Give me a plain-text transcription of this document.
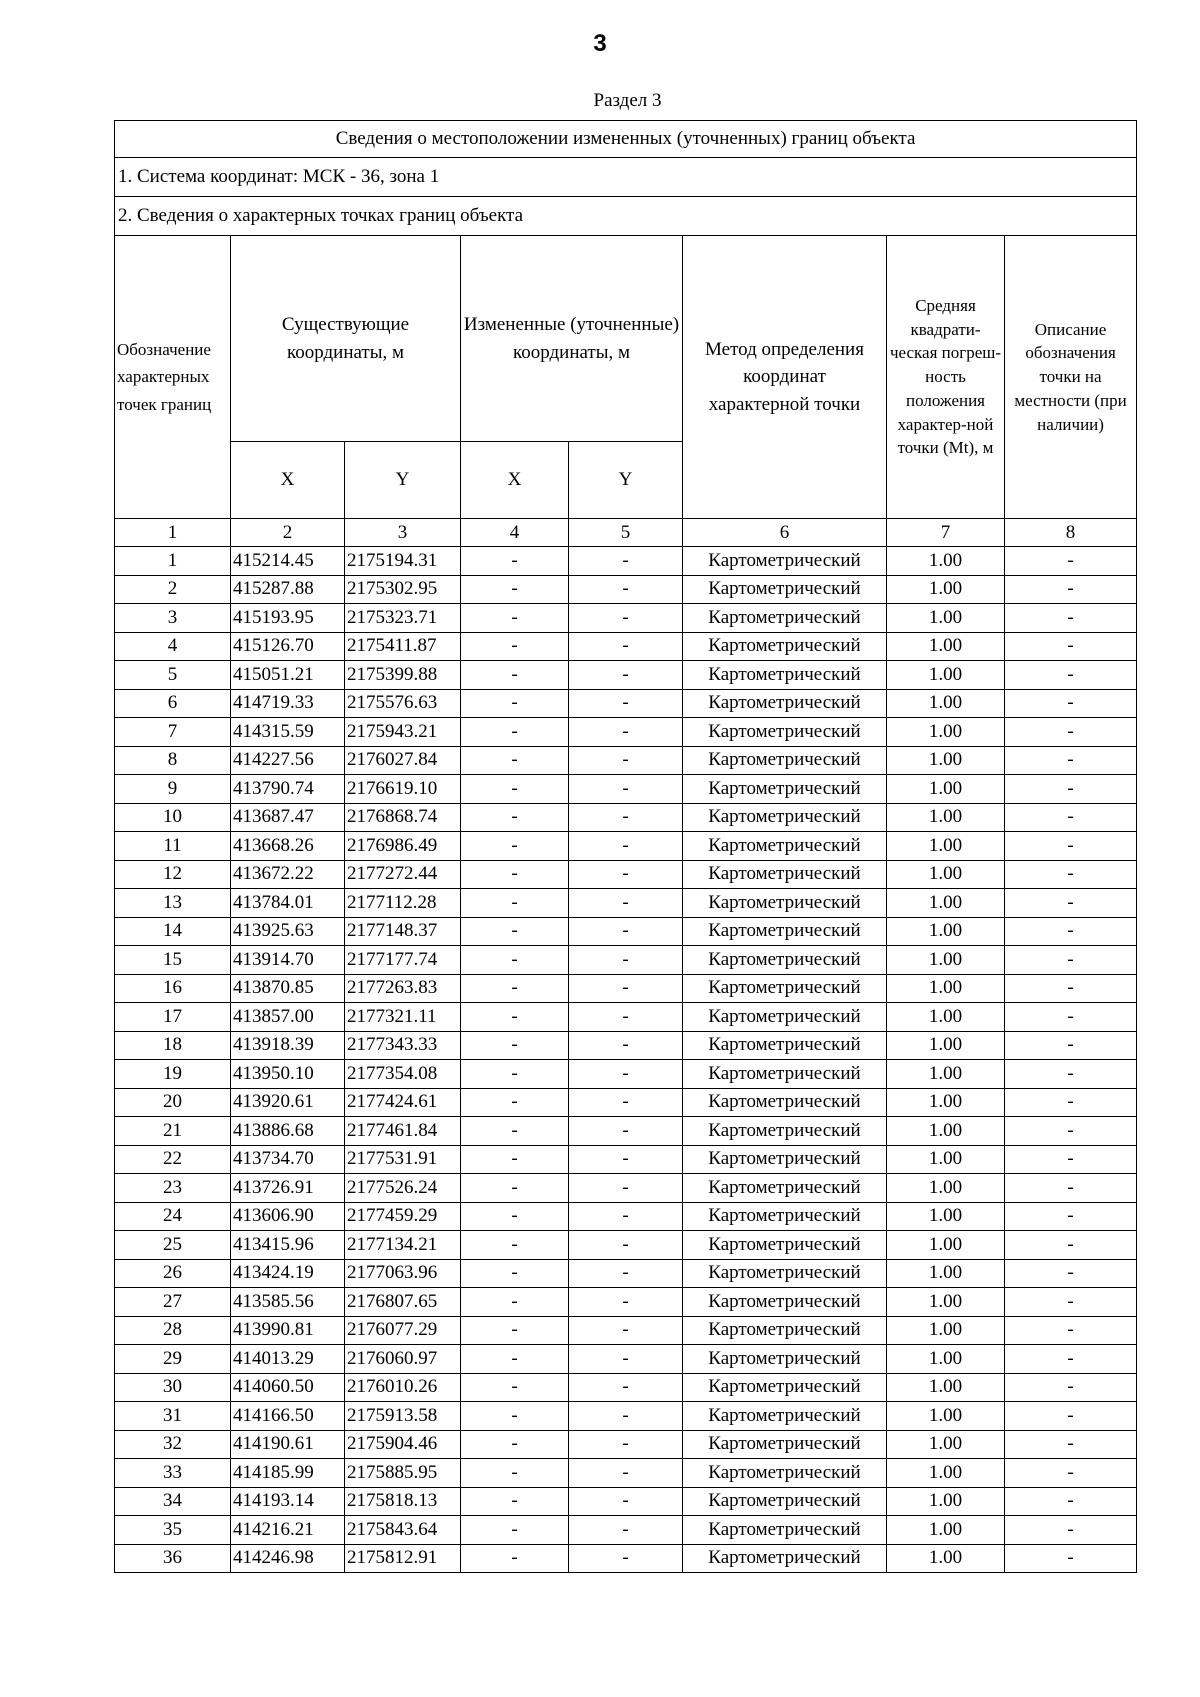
3
Раздел 3
Сведения о местоположении измененных (уточненных) границ объекта							
1. Система координат: МСК - 36, зона 1							
2. Сведения о характерных точках границ объекта							
Обозначение характерных точек границ	Существующие координаты, м		Измененные (уточненные) координаты, м		Метод определения координат характерной точки	Средняя квадрати-ческая погреш-ность положения характер-ной точки (Mt), м	Описание обозначения точки на местности (при наличии)
	X	Y	X	Y			
1	2	3	4	5	6	7	8
1	415214.45	2175194.31	-	-	Картометрический	1.00	-
2	415287.88	2175302.95	-	-	Картометрический	1.00	-
3	415193.95	2175323.71	-	-	Картометрический	1.00	-
4	415126.70	2175411.87	-	-	Картометрический	1.00	-
5	415051.21	2175399.88	-	-	Картометрический	1.00	-
6	414719.33	2175576.63	-	-	Картометрический	1.00	-
7	414315.59	2175943.21	-	-	Картометрический	1.00	-
8	414227.56	2176027.84	-	-	Картометрический	1.00	-
9	413790.74	2176619.10	-	-	Картометрический	1.00	-
10	413687.47	2176868.74	-	-	Картометрический	1.00	-
11	413668.26	2176986.49	-	-	Картометрический	1.00	-
12	413672.22	2177272.44	-	-	Картометрический	1.00	-
13	413784.01	2177112.28	-	-	Картометрический	1.00	-
14	413925.63	2177148.37	-	-	Картометрический	1.00	-
15	413914.70	2177177.74	-	-	Картометрический	1.00	-
16	413870.85	2177263.83	-	-	Картометрический	1.00	-
17	413857.00	2177321.11	-	-	Картометрический	1.00	-
18	413918.39	2177343.33	-	-	Картометрический	1.00	-
19	413950.10	2177354.08	-	-	Картометрический	1.00	-
20	413920.61	2177424.61	-	-	Картометрический	1.00	-
21	413886.68	2177461.84	-	-	Картометрический	1.00	-
22	413734.70	2177531.91	-	-	Картометрический	1.00	-
23	413726.91	2177526.24	-	-	Картометрический	1.00	-
24	413606.90	2177459.29	-	-	Картометрический	1.00	-
25	413415.96	2177134.21	-	-	Картометрический	1.00	-
26	413424.19	2177063.96	-	-	Картометрический	1.00	-
27	413585.56	2176807.65	-	-	Картометрический	1.00	-
28	413990.81	2176077.29	-	-	Картометрический	1.00	-
29	414013.29	2176060.97	-	-	Картометрический	1.00	-
30	414060.50	2176010.26	-	-	Картометрический	1.00	-
31	414166.50	2175913.58	-	-	Картометрический	1.00	-
32	414190.61	2175904.46	-	-	Картометрический	1.00	-
33	414185.99	2175885.95	-	-	Картометрический	1.00	-
34	414193.14	2175818.13	-	-	Картометрический	1.00	-
35	414216.21	2175843.64	-	-	Картометрический	1.00	-
36	414246.98	2175812.91	-	-	Картометрический	1.00	-
